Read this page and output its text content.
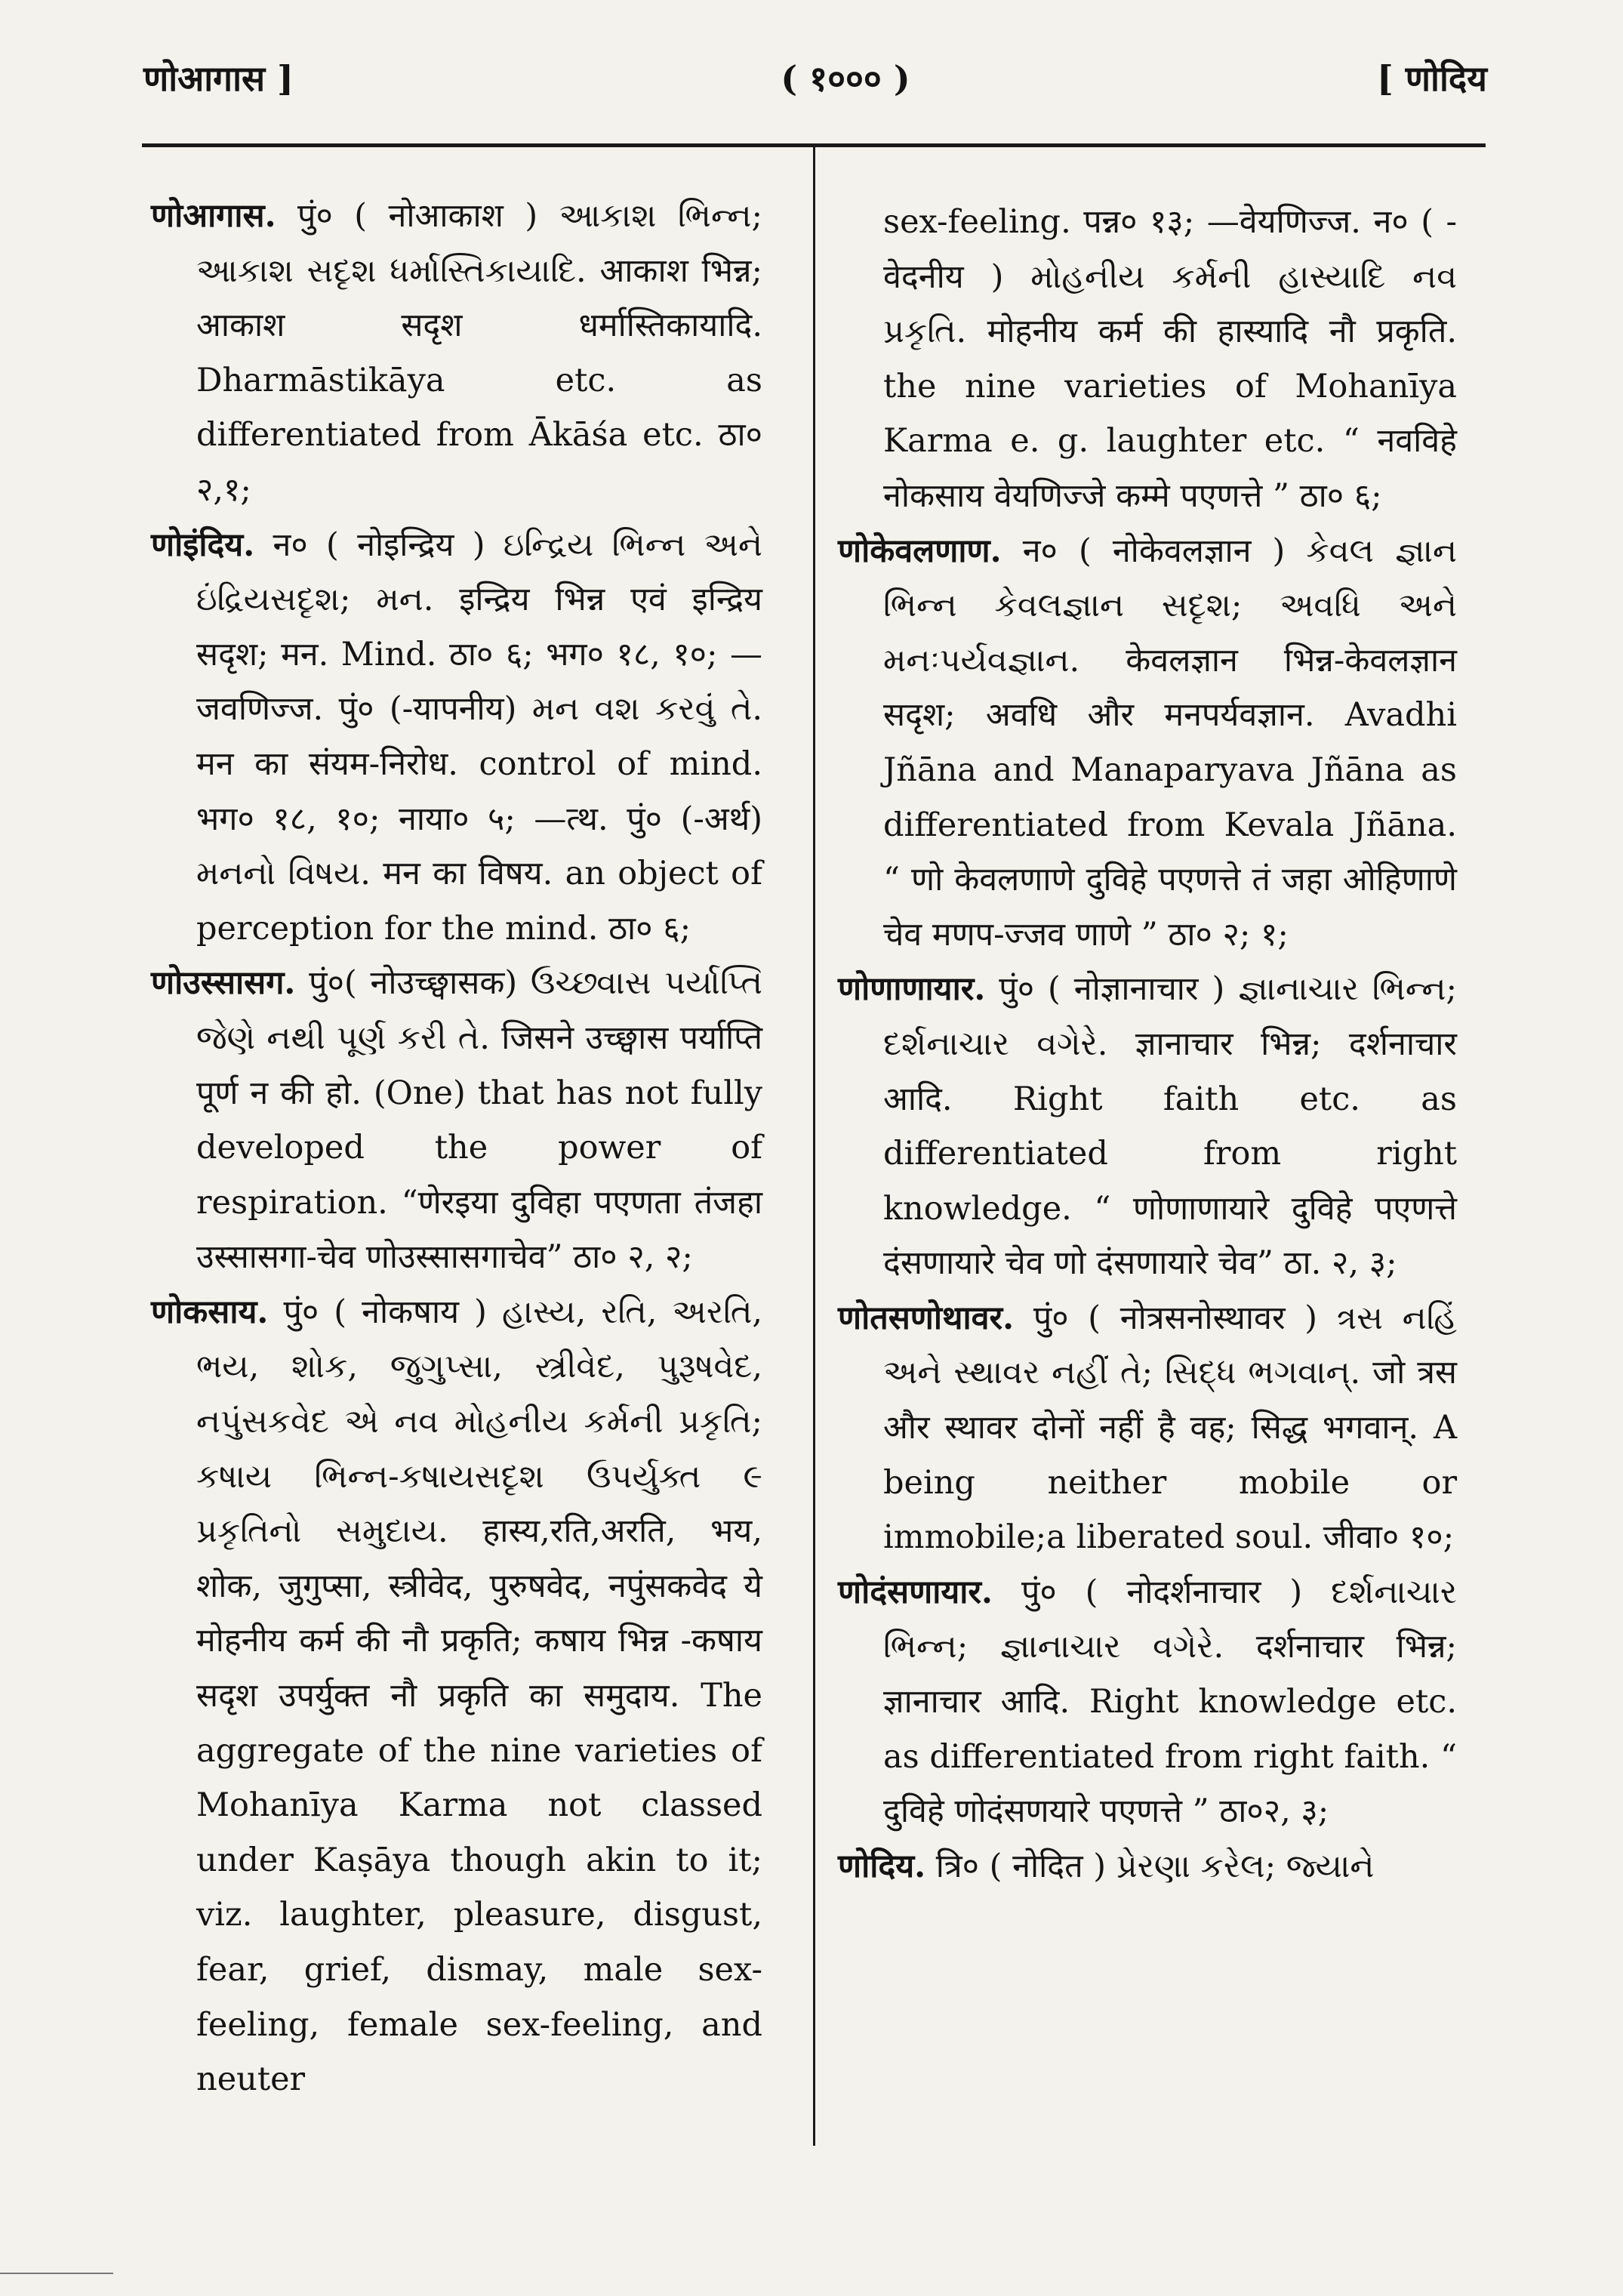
णोआगास ]	( १००० )	[ णोदिय

णोआगास. पुं० ( नोआकाश ) આકાશ ભિન્ન; આકાશ સદૃશ ધર્માસ્તિકાયાદિ. आकाश भिन्न; आकाश सदृश धर्मास्तिकायादि. Dharmāstikāya etc. as differentiated from Ākāśa etc. ठा० २,१;

णोइंदिय. न० ( नोइन्द्रिय ) ઇન્દ્રિય ભિન્ન અને ઇંદ્રિયસદૃશ; મન. इन्द्रिय भिन्न एवं इन्द्रिय सदृश; मन. Mind. ठा० ६; भग० १८, १०; —जवणिज्ज. पुं० (-यापनीय) મન વશ કરવું તે. मन का संयम-निरोध. control of mind. भग० १८, १०; नाया० ५; —त्थ. पुं० (-अर्थ) મનનો વિષય. मन का विषय. an object of perception for the mind. ठा० ६;

णोउस्सासग. पुं०( नोउच्छ्वासक) ઉચ્છ્વાસ પર્યાપ્તિ જેણે નથી પૂર્ણ કરી તે. जिसने उच्छ्वास पर्याप्ति पूर्ण न की हो. (One) that has not fully developed the power of respiration. “णेरइया दुविहा पएणता तंजहा उस्सासगा-चेव णोउस्सासगाचेव” ठा० २, २;

णोकसाय. पुं० ( नोकषाय ) હાસ્ય, રતિ, અરતિ, ભય, શોક, જુગુપ્સા, સ્ત્રીવેદ, પુરૂષવેદ, નપુંસકવેદ એ નવ મોહનીય કર્મની પ્રકૃતિ; કષાય ભિન્ન-કષાયસદૃશ ઉપર્યુક્ત ૯ પ્રકૃતિનો સમુદાય. हास्य,रति,अरति, भय, शोक, जुगुप्सा, स्त्रीवेद, पुरुषवेद, नपुंसकवेद ये मोहनीय कर्म की नौ प्रकृति; कषाय भिन्न -कषाय सदृश उपर्युक्त नौ प्रकृति का समुदाय. The aggregate of the nine varieties of Mohanīya Karma not classed under Kaṣāya though akin to it; viz. laughter, pleasure, disgust, fear, grief, dismay, male sex-feeling, female sex-feeling, and neuter

sex-feeling. पन्न० १३; —वेयणिज्ज. न० ( -वेदनीय ) મોહનીય કર્મની હાસ્યાદિ નવ પ્રકૃતિ. मोहनीय कर्म की हास्यादि नौ प्रकृति. the nine varieties of Mohanīya Karma e. g. laughter etc. “ नवविहे नोकसाय वेयणिज्जे कम्मे पएणत्ते ” ठा० ६;

णोकेवलणाण. न० ( नोकेवलज्ञान ) કેવલ જ્ઞાન ભિન્ન કેવલજ્ઞાન સદૃશ; અવધિ અને મનઃપર્યવજ્ઞાન. केवलज्ञान भिन्न-केवलज्ञान सदृश; अवधि और मनपर्यवज्ञान. Avadhi Jñāna and Manaparyava Jñāna as differentiated from Kevala Jñāna. “ णो केवलणाणे दुविहे पएणत्ते तं जहा ओहिणाणे चेव मणप-ज्जव णाणे ” ठा० २; १;

णोणाणायार. पुं० ( नोज्ञानाचार ) જ્ઞાનાચાર ભિન્ન; દર્શનાચાર વગેરે. ज्ञानाचार भिन्न; दर्शनाचार आदि. Right faith etc. as differentiated from right knowledge. “ णोणाणायारे दुविहे पएणत्ते दंसणायारे चेव णो दंसणायारे चेव” ठा. २, ३;

णोतसणोथावर. पुं० ( नोत्रसनोस्थावर ) ત્રસ નહિં અને સ્થાવર નહીં તે; સિદ્ધ ભગવાન્. जो त्रस और स्थावर दोनों नहीं है वह; सिद्ध भगवान्. A being neither mobile or immobile;a liberated soul. जीवा० १०;

णोदंसणायार. पुं० ( नोदर्शनाचार ) દર્શનાચાર ભિન્ન; જ્ઞાનાચાર વગેરે. दर्शनाचार भिन्न; ज्ञानाचार आदि. Right knowledge etc. as differentiated from right faith. “ दुविहे णोदंसणयारे पएणत्ते ” ठा०२, ३;

णोदिय. त्रि० ( नोदित ) પ્રેરણા કરેલ; જ્યાને
